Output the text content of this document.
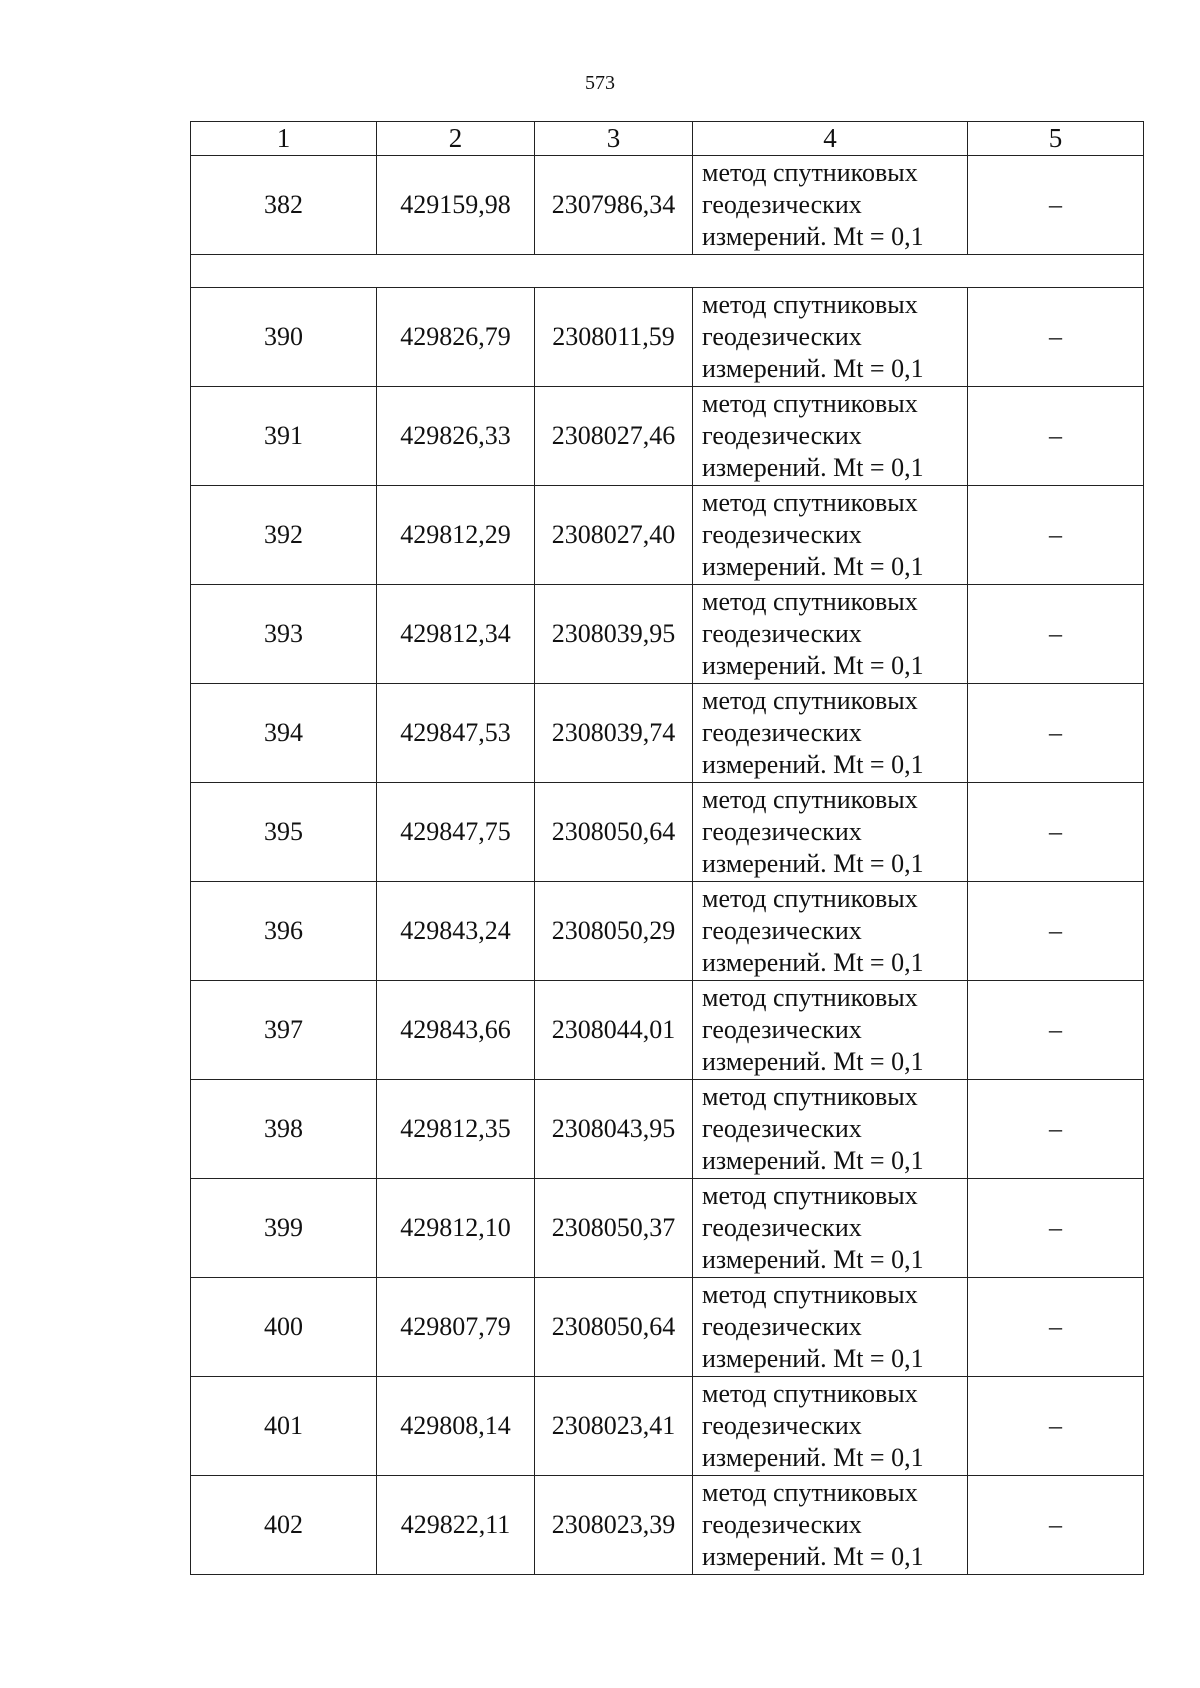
573
1	2	3	4	5
382	429159,98	2307986,34	метод спутниковых
геодезических
измерений. Mt = 0,1	–

390	429826,79	2308011,59	метод спутниковых
геодезических
измерений. Mt = 0,1	–
391	429826,33	2308027,46	метод спутниковых
геодезических
измерений. Mt = 0,1	–
392	429812,29	2308027,40	метод спутниковых
геодезических
измерений. Mt = 0,1	–
393	429812,34	2308039,95	метод спутниковых
геодезических
измерений. Mt = 0,1	–
394	429847,53	2308039,74	метод спутниковых
геодезических
измерений. Mt = 0,1	–
395	429847,75	2308050,64	метод спутниковых
геодезических
измерений. Mt = 0,1	–
396	429843,24	2308050,29	метод спутниковых
геодезических
измерений. Mt = 0,1	–
397	429843,66	2308044,01	метод спутниковых
геодезических
измерений. Mt = 0,1	–
398	429812,35	2308043,95	метод спутниковых
геодезических
измерений. Mt = 0,1	–
399	429812,10	2308050,37	метод спутниковых
геодезических
измерений. Mt = 0,1	–
400	429807,79	2308050,64	метод спутниковых
геодезических
измерений. Mt = 0,1	–
401	429808,14	2308023,41	метод спутниковых
геодезических
измерений. Mt = 0,1	–
402	429822,11	2308023,39	метод спутниковых
геодезических
измерений. Mt = 0,1	–
